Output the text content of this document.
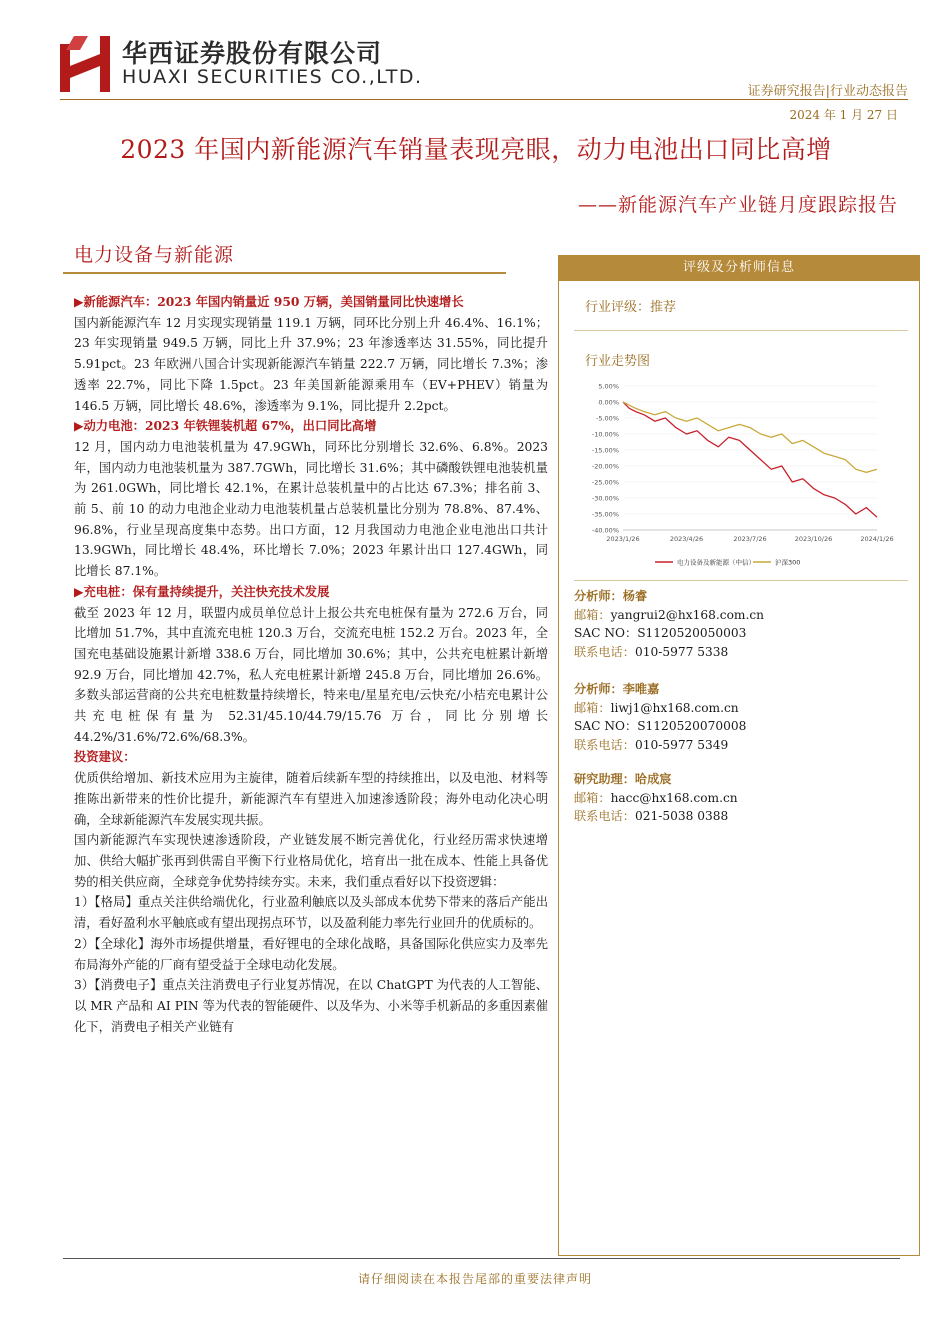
华西证券股份有限公司
HUAXI SECURITIES CO.,LTD.
证券研究报告|行业动态报告
2024 年 1 月 27 日
2023 年国内新能源汽车销量表现亮眼，动力电池出口同比高增
——新能源汽车产业链月度跟踪报告
电力设备与新能源

▶新能源汽车：2023 年国内销量近 950 万辆，美国销量同比快速增长

国内新能源汽车 12 月实现实现销量 119.1 万辆，同环比分别上升 46.4%、16.1%；23 年实现销量 949.5 万辆，同比上升 37.9%；23 年渗透率达 31.55%，同比提升 5.91pct。23 年欧洲八国合计实现新能源汽车销量 222.7 万辆，同比增长 7.3%；渗透率 22.7%，同比下降 1.5pct。23 年美国新能源乘用车（EV+PHEV）销量为 146.5 万辆，同比增长 48.6%，渗透率为 9.1%，同比提升 2.2pct。

▶动力电池：2023 年铁锂装机超 67%，出口同比高增

12 月，国内动力电池装机量为 47.9GWh，同环比分别增长 32.6%、6.8%。2023 年，国内动力电池装机量为 387.7GWh，同比增长 31.6%；其中磷酸铁锂电池装机量为 261.0GWh，同比增长 42.1%，在累计总装机量中的占比达 67.3%；排名前 3、前 5、前 10 的动力电池企业动力电池装机量占总装机量比分别为 78.8%、87.4%、96.8%，行业呈现高度集中态势。出口方面，12 月我国动力电池企业电池出口共计 13.9GWh，同比增长 48.4%，环比增长 7.0%；2023 年累计出口 127.4GWh，同比增长 87.1%。

▶充电桩：保有量持续提升，关注快充技术发展

截至 2023 年 12 月，联盟内成员单位总计上报公共充电桩保有量为 272.6 万台，同比增加 51.7%，其中直流充电桩 120.3 万台，交流充电桩 152.2 万台。2023 年，全国充电基础设施累计新增 338.6 万台，同比增加 30.6%；其中，公共充电桩累计新增 92.9 万台，同比增加 42.7%，私人充电桩累计新增 245.8 万台，同比增加 26.6%。多数头部运营商的公共充电桩数量持续增长，特来电/星星充电/云快充/小桔充电累计公共充电桩保有量为 52.31/45.10/44.79/15.76 万台，同比分别增长 44.2%/31.6%/72.6%/68.3%。

投资建议：

优质供给增加、新技术应用为主旋律，随着后续新车型的持续推出，以及电池、材料等推陈出新带来的性价比提升，新能源汽车有望进入加速渗透阶段；海外电动化决心明确，全球新能源汽车发展实现共振。

国内新能源汽车实现快速渗透阶段，产业链发展不断完善优化，行业经历需求快速增加、供给大幅扩张再到供需自平衡下行业格局优化，培育出一批在成本、性能上具备优势的相关供应商，全球竞争优势持续夯实。未来，我们重点看好以下投资逻辑：

1）【格局】重点关注供给端优化，行业盈利触底以及头部成本优势下带来的落后产能出清，看好盈利水平触底或有望出现拐点环节，以及盈利能力率先行业回升的优质标的。

2）【全球化】海外市场提供增量，看好锂电的全球化战略，具备国际化供应实力及率先布局海外产能的厂商有望受益于全球电动化发展。

3）【消费电子】重点关注消费电子行业复苏情况，在以 ChatGPT 为代表的人工智能、以 MR 产品和 AI PIN 等为代表的智能硬件、以及华为、小米等手机新品的多重因素催化下，消费电子相关产业链有

评级及分析师信息
行业评级：推荐
行业走势图
5.00%
0.00%
-5.00%
-10.00%
-15.00%
-20.00%
-25.00%
-30.00%
-35.00%
-40.00%
2023/1/26	2023/4/26	2023/7/26	2023/10/26	2024/1/26
电力设备及新能源（中信）	沪深300
分析师：杨睿
邮箱：yangrui2@hx168.com.cn
SAC NO：S1120520050003
联系电话：010-5977 5338
分析师：李唯嘉
邮箱：liwj1@hx168.com.cn
SAC NO：S1120520070008
联系电话：010-5977 5349
研究助理：哈成宸
邮箱：hacc@hx168.com.cn
联系电话：021-5038 0388
请仔细阅读在本报告尾部的重要法律声明
